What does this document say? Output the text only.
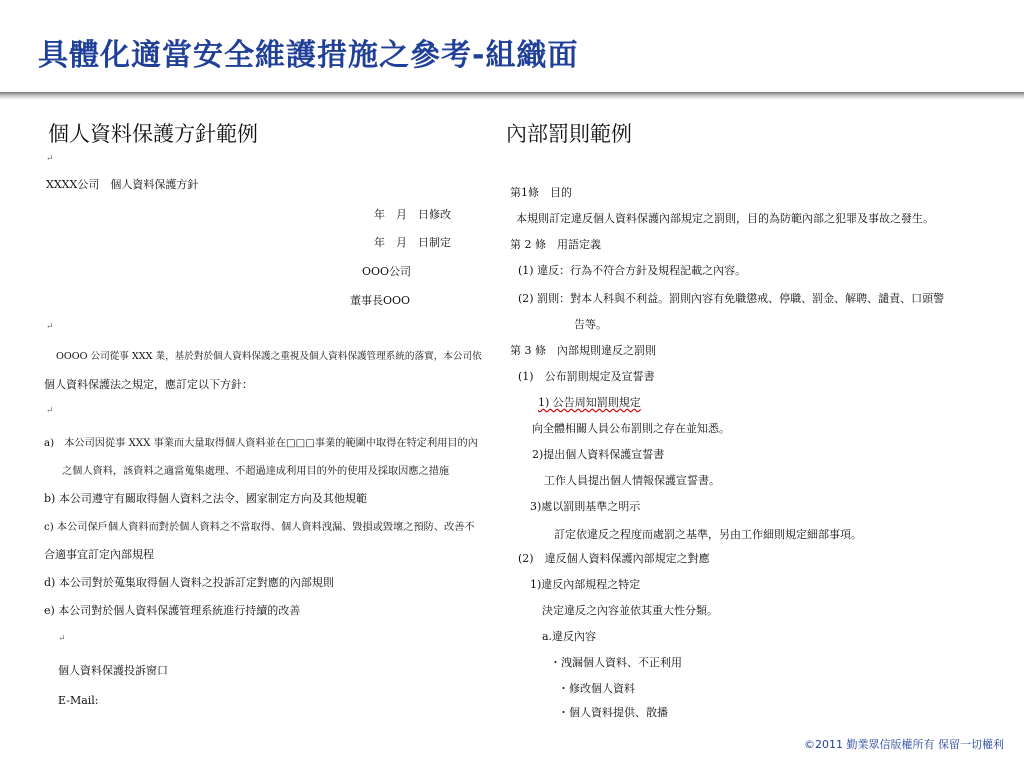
具體化適當安全維護措施之參考-組織面
個人資料保護方針範例	內部罰則範例
↵
XXXX公司　個人資料保護方針
年　月　日修改
年　月　日制定
OOO公司
董事長OOO
↵
OOOO 公司從事 XXX 業，基於對於個人資料保護之重視及個人資料保護管理系統的落實，本公司依
個人資料保護法之規定，應訂定以下方針：
↵
a)　本公司因從事 XXX 事業而大量取得個人資料並在□□□事業的範圍中取得在特定利用目的內
之個人資料，該資料之適當蒐集處理、不超過達成利用目的外的使用及採取因應之措施
b) 本公司遵守有關取得個人資料之法令、國家制定方向及其他規範
c) 本公司保戶個人資料而對於個人資料之不當取得、個人資料洩漏、毀損或毀壞之預防、改善不
合適事宜訂定內部規程
d) 本公司對於蒐集取得個人資料之投訴訂定對應的內部規則
e) 本公司對於個人資料保護管理系統進行持續的改善
↵
個人資料保護投訴窗口
E-Mail:
第1條　目的
本規則訂定違反個人資料保護內部規定之罰則，目的為防範內部之犯罪及事故之發生。
第 2 條　用語定義
(1) 違反：行為不符合方針及規程記載之內容。
(2) 罰則：對本人科與不利益。罰則內容有免職懲戒、停職、罰金、解聘、譴責、口頭警
告等。
第 3 條　內部規則違反之罰則
(1)　公布罰則規定及宣誓書
1) 公告周知罰則規定
向全體相關人員公布罰則之存在並知悉。
2)提出個人資料保護宣誓書
工作人員提出個人情報保護宣誓書。
3)處以罰則基準之明示
訂定依違反之程度而處罰之基準，另由工作細則規定細部事項。
(2)　違反個人資料保護內部規定之對應
1)違反內部規程之特定
決定違反之內容並依其重大性分類。
a.違反內容
・洩漏個人資料、不正利用
・修改個人資料
・個人資料提供、散播
©2011 勤業眾信版權所有 保留一切權利
